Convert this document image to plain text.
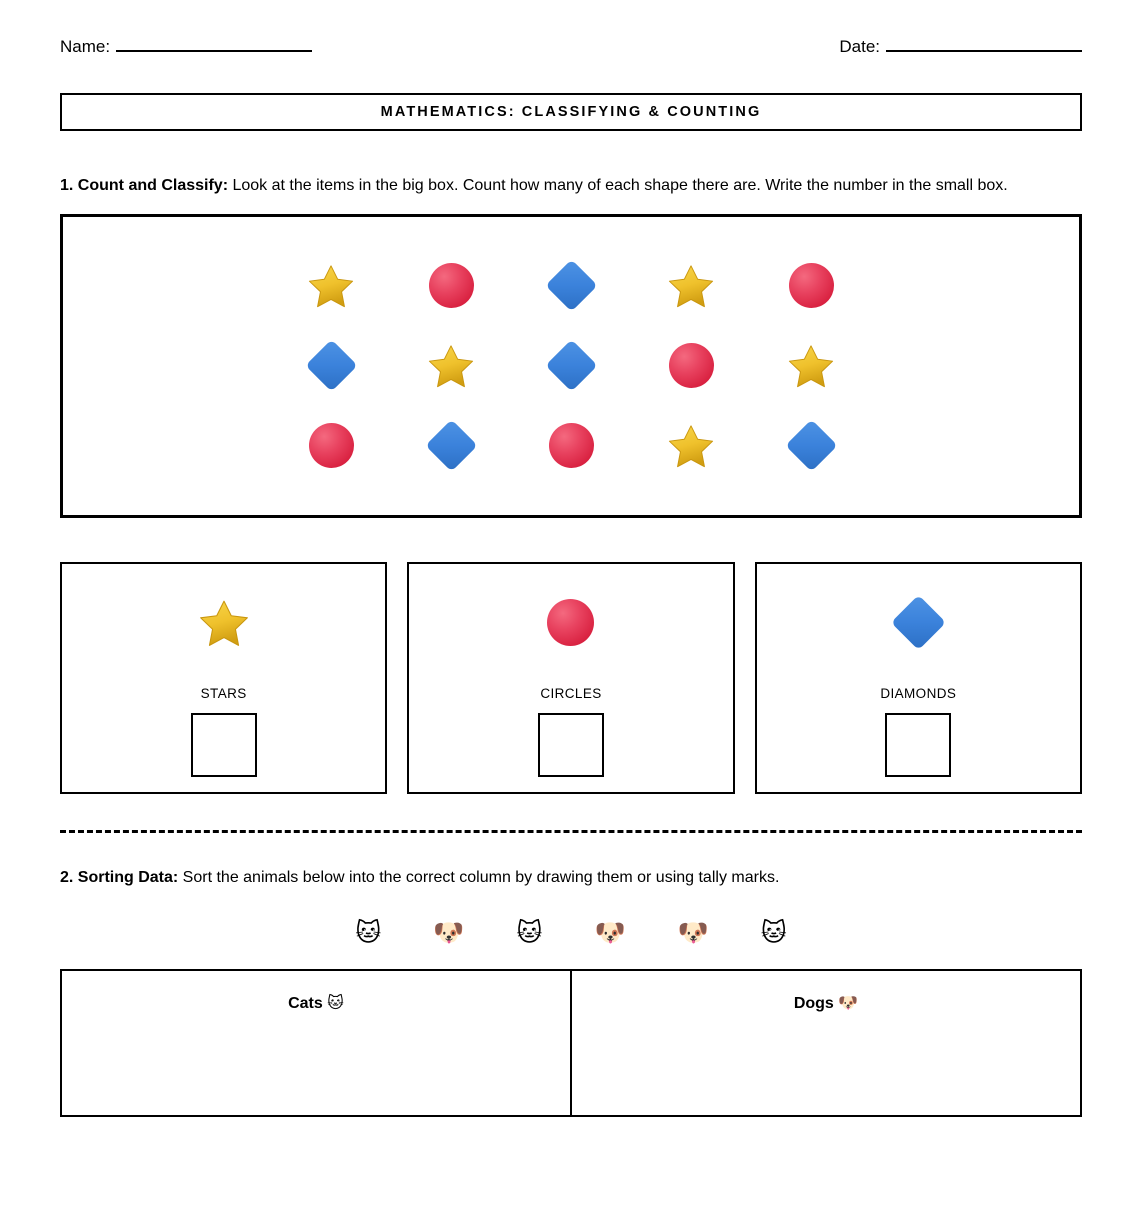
Name:	Date:
MATHEMATICS: CLASSIFYING & COUNTING

1. Count and Classify: Look at the items in the big box. Count how many of each shape there are. Write the number in the small box.

STARS	CIRCLES	DIAMONDS

2. Sorting Data: Sort the animals below into the correct column by drawing them or using tally marks.

🐱 🐶 🐱 🐶 🐶 🐱
Cats 🐱	Dogs 🐶
